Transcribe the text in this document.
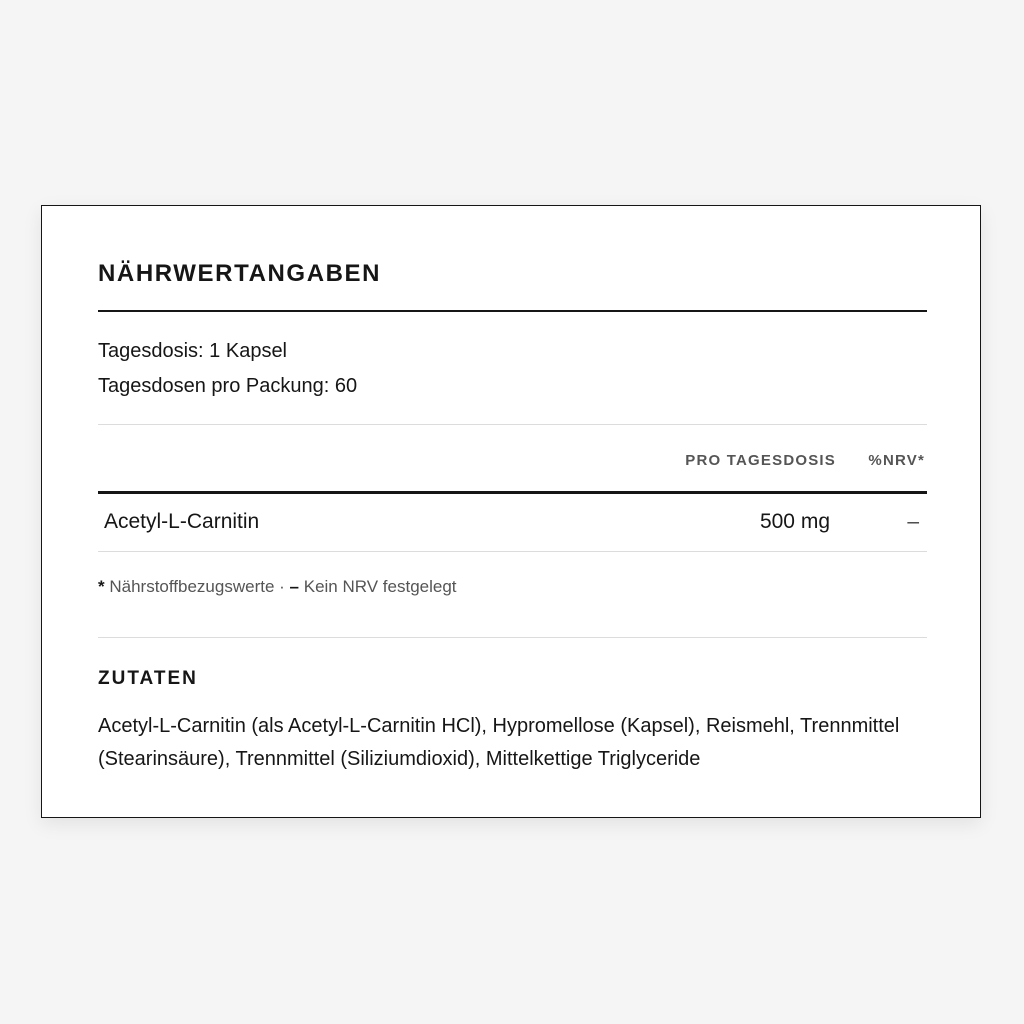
NÄHRWERTANGABEN
Tagesdosis: 1 Kapsel
Tagesdosen pro Packung: 60
PRO TAGESDOSIS %NRV*
Acetyl-L-Carnitin	500 mg	–
* Nährstoffbezugswerte · – Kein NRV festgelegt
ZUTATEN

Acetyl-L-Carnitin (als Acetyl-L-Carnitin HCl), Hypromellose (Kapsel), Reismehl, Trennmittel (Stearinsäure), Trennmittel (Siliziumdioxid), Mittelkettige Triglyceride
